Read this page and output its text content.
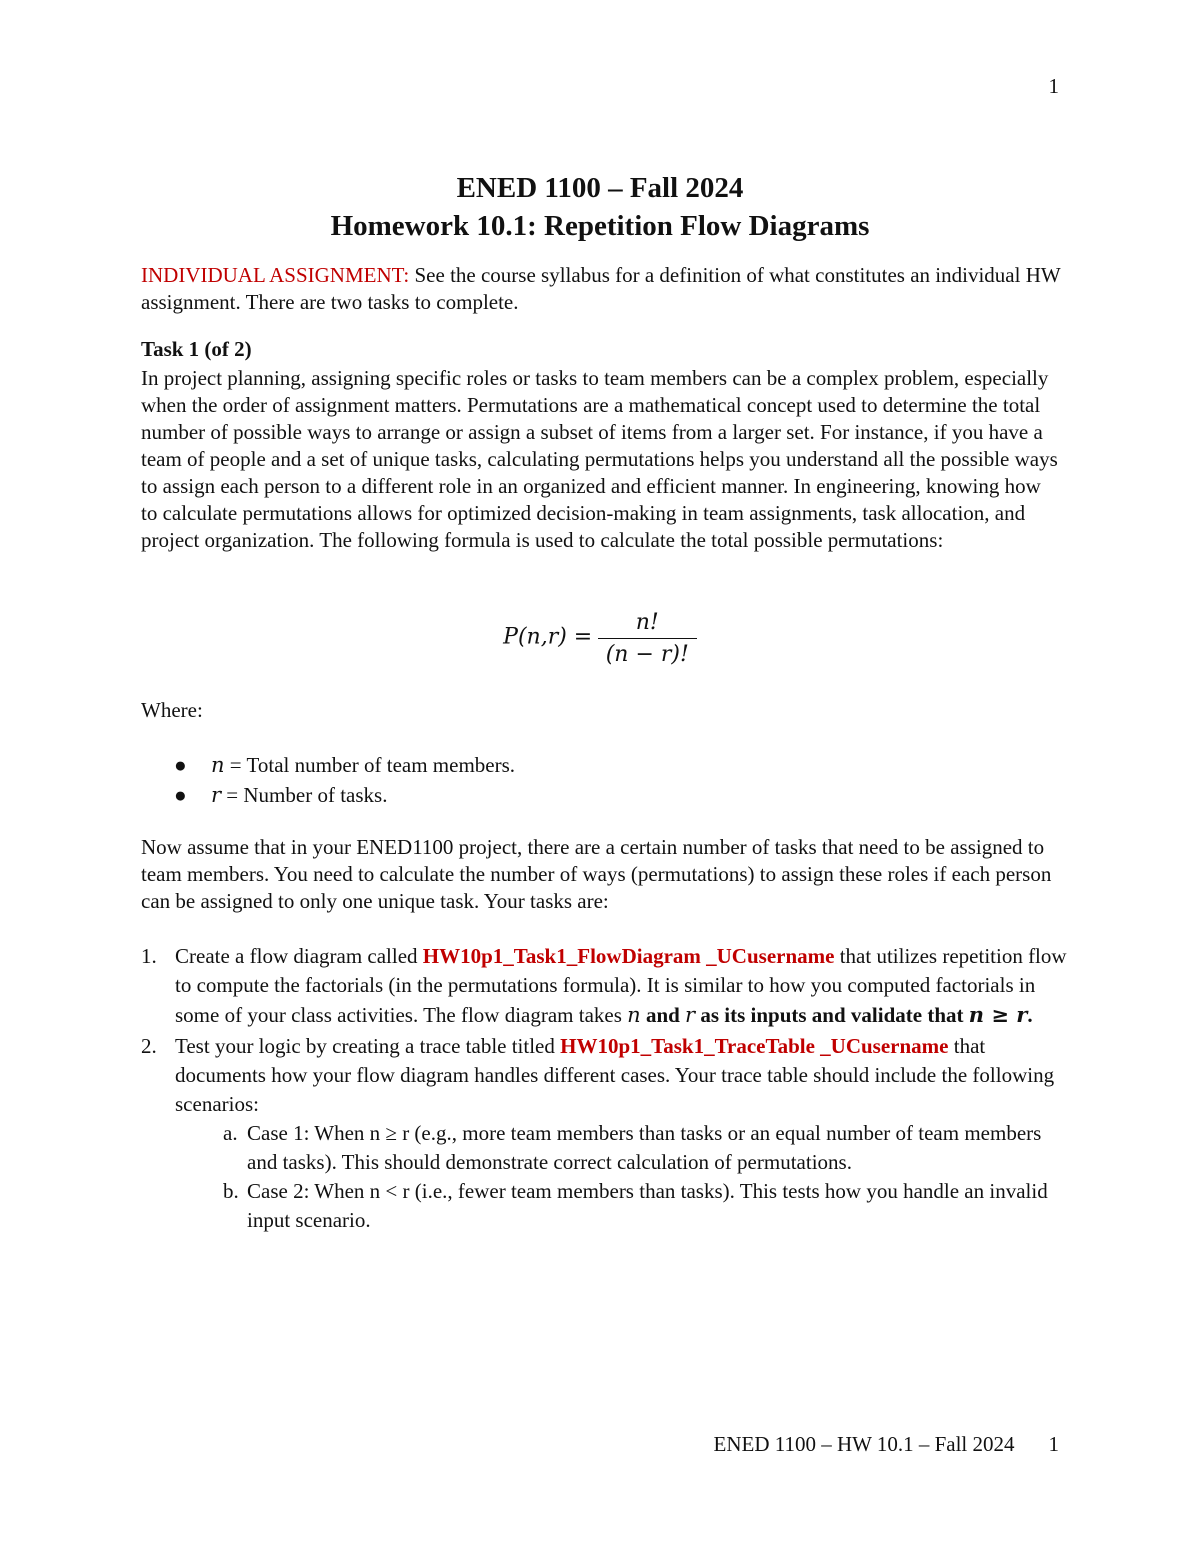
1
ENED 1100 – Fall 2024
Homework 10.1: Repetition Flow Diagrams

INDIVIDUAL ASSIGNMENT: See the course syllabus for a definition of what constitutes an individual HW assignment. There are two tasks to complete.

Task 1 (of 2)

In project planning, assigning specific roles or tasks to team members can be a complex problem, especially when the order of assignment matters. Permutations are a mathematical concept used to determine the total number of possible ways to arrange or assign a subset of items from a larger set. For instance, if you have a team of people and a set of unique tasks, calculating permutations helps you understand all the possible ways to assign each person to a different role in an organized and efficient manner. In engineering, knowing how to calculate permutations allows for optimized decision-making in team assignments, task allocation, and project organization. The following formula is used to calculate the total possible permutations:

$P(n,r) = \frac{n!}{(n - r)!}$
Where:
● n = Total number of team members.
● r = Number of tasks.

Now assume that in your ENED1100 project, there are a certain number of tasks that need to be assigned to team members. You need to calculate the number of ways (permutations) to assign these roles if each person can be assigned to only one unique task. Your tasks are:

1. Create a flow diagram called HW10p1_Task1_FlowDiagram _UCusername that utilizes repetition flow to compute the factorials (in the permutations formula). It is similar to how you computed factorials in some of your class activities. The flow diagram takes n and r as its inputs and validate that n ≥ r.
2. Test your logic by creating a trace table titled HW10p1_Task1_TraceTable _UCusername that documents how your flow diagram handles different cases. Your trace table should include the following scenarios:
a. Case 1: When n ≥ r (e.g., more team members than tasks or an equal number of team members and tasks). This should demonstrate correct calculation of permutations.
b. Case 2: When n < r (i.e., fewer team members than tasks). This tests how you handle an invalid input scenario.
ENED 1100 – HW 10.1 – Fall 2024 1
